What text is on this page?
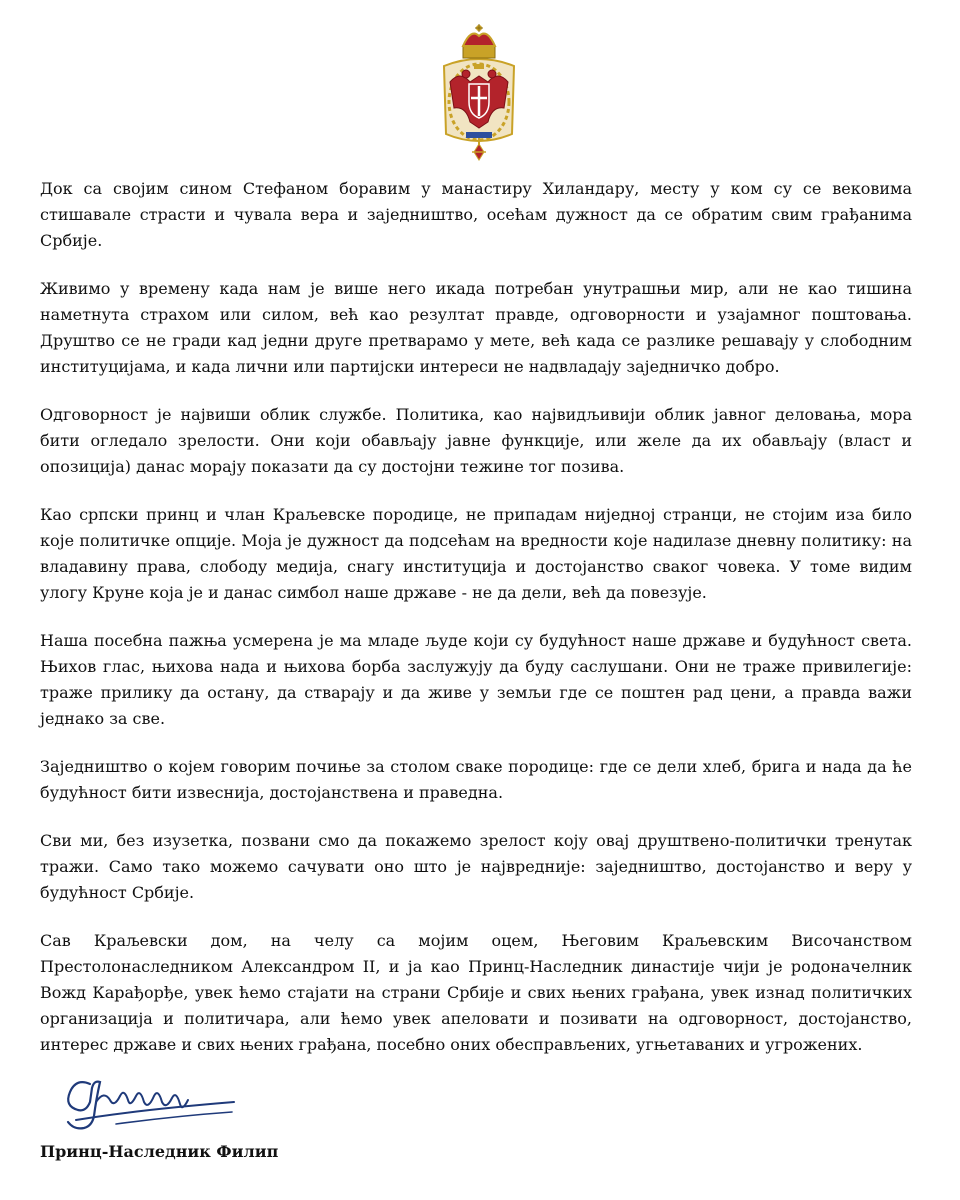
Док са својим сином Стефаном боравим у манастиру Хиландару, месту у ком су се вековима стишавале страсти и чувала вера и заједништво, осећам дужност да се обратим свим грађанима Србије.

Живимо у времену када нам је више него икада потребан унутрашњи мир, али не као тишина наметнута страхом или силом, већ као резултат правде, одговорности и узајамног поштовања. Друштво се не гради кад једни друге претварамо у мете, већ када се разлике решавају у слободним институцијама, и када лични или партијски интереси не надвладају заједничко добро.

Одговорност је највиши облик службе. Политика, као највидљивији облик јавног деловања, мора бити огледало зрелости. Они који обављају јавне функције, или желе да их обављају (власт и опозиција) данас морају показати да су достојни тежине тог позива.

Као српски принц и члан Краљевске породице, не припадам ниједној странци, не стојим иза било које политичке опције. Моја је дужност да подсећам на вредности које надилазе дневну политику: на владавину права, слободу медија, снагу институција и достојанство сваког човека. У томе видим улогу Круне која је и данас симбол наше државе - не да дели, већ да повезује.

Наша посебна пажња усмерена је ма младе људе који су будућност наше државе и будућност света. Њихов глас, њихова нада и њихова борба заслужују да буду саслушани. Они не траже привилегије: траже прилику да остану, да стварају и да живе у земљи где се поштен рад цени, а правда важи једнако за све.

Заједништво о којем говорим почиње за столом сваке породице: где се дели хлеб, брига и нада да ће будућност бити извеснија, достојанствена и праведна.

Сви ми, без изузетка, позвани смо да покажемо зрелост коју овај друштвено-политички тренутак тражи. Само тако можемо сачувати оно што је највредније: заједништво, достојанство и веру у будућност Србије.

Сав Краљевски дом, на челу са мојим оцем, Његовим Краљевским Височанством Престолонаследником Александром II, и ја као Принц-Наследник династије чији је родоначелник Вожд Карађорђе, увек ћемо стајати на страни Србије и свих њених грађана, увек изнад политичких организација и политичара, али ћемо увек апеловати и позивати на одговорност, достојанство, интерес државе и свих њених грађана, посебно оних обесправљених, угњетаваних и угрожених.

Принц-Наследник Филип
